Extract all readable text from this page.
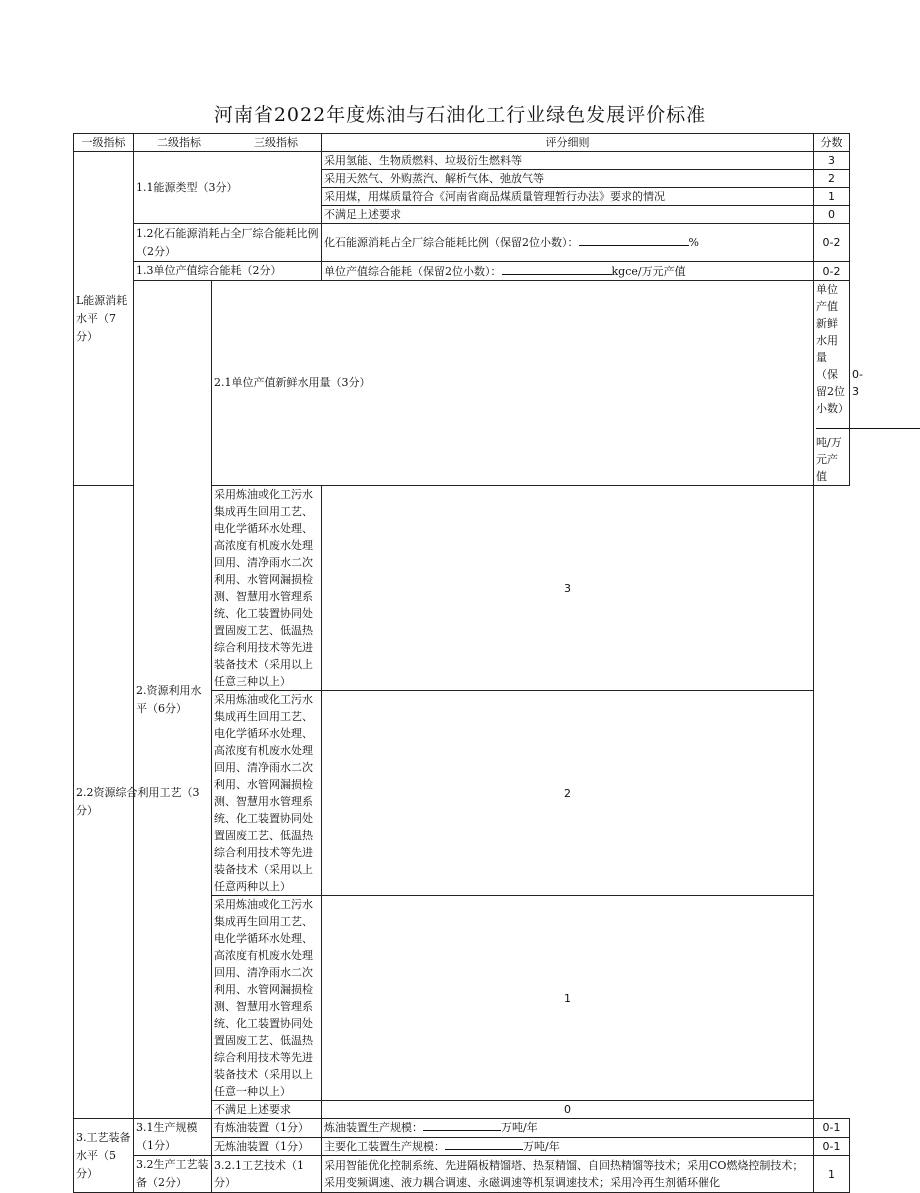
河南省2022年度炼油与石油化工行业绿色发展评价标准
一级指标	二级指标 三级指标		评分细则	分数	
L能源消耗水平（7分）	1.1能源类型（3分）		采用氢能、生物质燃料、垃圾衍生燃料等	3	
			采用天然气、外购蒸汽、解析气体、弛放气等	2	
			采用煤，用煤质量符合《河南省商品煤质量管理暂行办法》要求的情况	1	
			不满足上述要求	0	
	1.2化石能源消耗占全厂综合能耗比例（2分）		化石能源消耗占全厂综合能耗比例（保留2位小数）： %	0-2	
	1.3单位产值综合能耗（2分）		单位产值综合能耗（保留2位小数）： kgce/万元产值	0-2	
	2.资源利用水平（6分）	2.1单位产值新鲜水用量（3分）		单位产值新鲜水用量（保留2位小数）吨/万元产值	0-3
2.2资源综合利用工艺（3分）		采用炼油或化工污水集成再生回用工艺、电化学循环水处理、高浓度有机废水处理回用、清净雨水二次利用、水管网漏损检测、智慧用水管理系统、化工装置协同处置固废工艺、低温热综合利用技术等先进装备技术（采用以上任意三种以上）	3		
		采用炼油或化工污水集成再生回用工艺、电化学循环水处理、高浓度有机废水处理回用、清净雨水二次利用、水管网漏损检测、智慧用水管理系统、化工装置协同处置固废工艺、低温热综合利用技术等先进装备技术（采用以上任意两种以上）	2		
		采用炼油或化工污水集成再生回用工艺、电化学循环水处理、高浓度有机废水处理回用、清净雨水二次利用、水管网漏损检测、智慧用水管理系统、化工装置协同处置固废工艺、低温热综合利用技术等先进装备技术（采用以上任意一种以上）	1		
		不满足上述要求	0		
3.工艺装备水平（5分）	3.1生产规模（1分）	有炼油装置（1分）	炼油装置生产规模： 万吨/年	0-1	
		无炼油装置（1分）	主要化工装置生产规模： 万吨/年	0-1	
	3.2生产工艺装备（2分）	3.2.1工艺技术（1分）	采用智能优化控制系统、先进隔板精馏塔、热泵精馏、自回热精馏等技术；采用CO燃烧控制技术；采用变频调速、液力耦合调速、永磁调速等机泵调速技术；采用冷再生剂循环催化	1	
